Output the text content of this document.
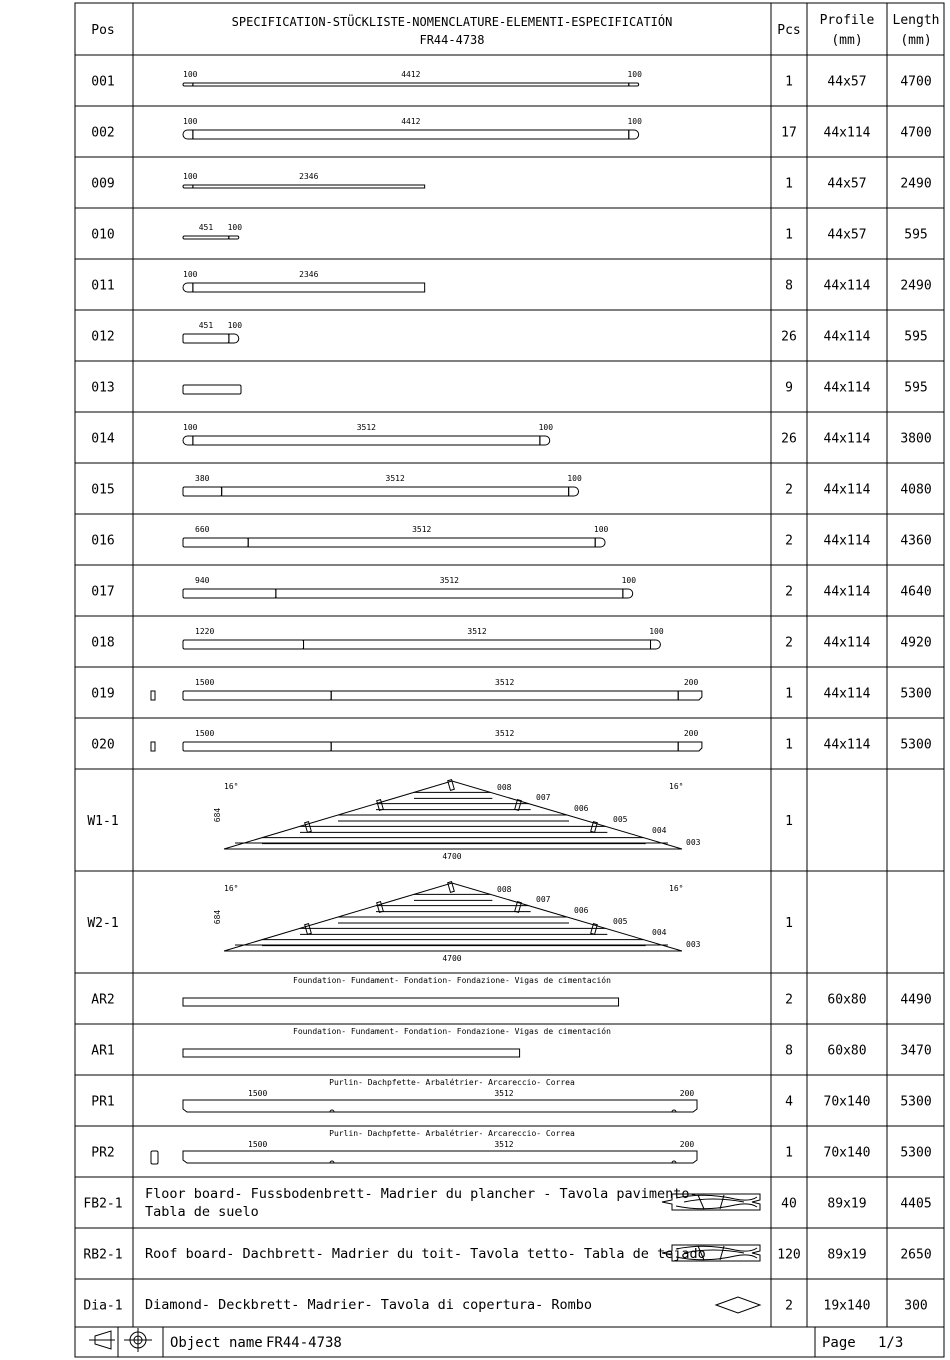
Pos
SPECIFICATION-STÜCKLISTE-NOMENCLATURE-ELEMENTI-ESPECIFICATIÓN
FR44-4738
Pcs
Profile
(mm)
Length
(mm)
001	1	44x57	4700
100	4412	100
002	17 44x114 4700
100	4412	100
009	1	44x57	2490
100	2346
010	1	44x57	595
451 100
011	8 44x114 2490
100	2346
012	26 44x114	595
451 100
013	9 44x114	595
014	26 44x114 3800
100	3512	100
015	2 44x114 4080
380	3512	100
016	2 44x114 4360
660	3512	100
017	2 44x114 4640
940	3512	100
018	2 44x114 4920
1220	3512	100
019	1 44x114 5300
1500	3512	200
020	1 44x114 5300
1500	3512	200
W1-1	1
16°	16°
684
4700
008
007
006
005
004
003
W2-1	1
16°	16°
684
4700
008
007
006
005
004
003
AR2	2	60x80	4490
Foundation- Fundament- Fondation- Fondazione- Vigas de cimentación
AR1	8	60x80	3470
Foundation- Fundament- Fondation- Fondazione- Vigas de cimentación
PR1	4 70x140 5300
Purlin- Dachpfette- Arbalétrier- Arcareccio- Correa
1500	3512	200
PR2	1 70x140 5300
Purlin- Dachpfette- Arbalétrier- Arcareccio- Correa
1500	3512	200
FB2-1	40 89x19	4405
Floor board- Fussbodenbrett- Madrier du plancher - Tavola pavimento-
Tabla de suelo
RB2-1	120 89x19	2650
Roof board- Dachbrett- Madrier du toit- Tavola tetto- Tabla de tejado
Dia-1	2 19x140	300
Diamond- Deckbrett- Madrier- Tavola di copertura- Rombo
Object name FR44-4738	Page 1/3
